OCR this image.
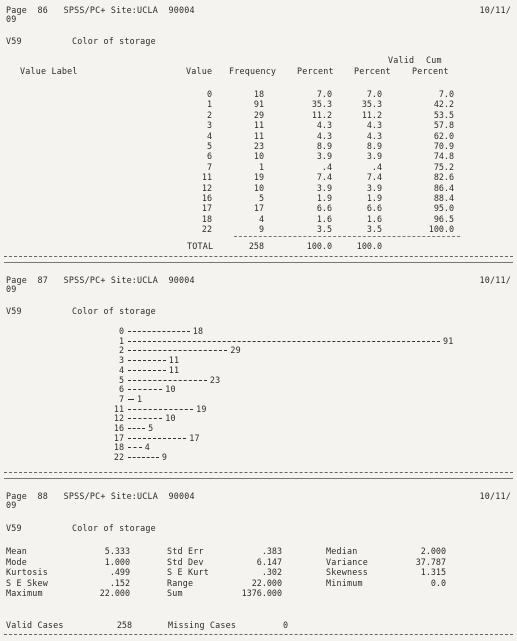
Page  86   SPSS/PC+ Site:UCLA  90004
09
10/11/
V59	Color of storage
Valid Cum
Value Label	Value Frequency Percent Percent	Percent
0	18	7.0	7.0	7.0
1	91	35.3	35.3	42.2
2	29	11.2	11.2	53.5
3	11	4.3	4.3	57.8
4	11	4.3	4.3	62.0
5	23	8.9	8.9	70.9
6	10	3.9	3.9	74.8
7	1	.4	.4	75.2
11	19	7.4	7.4	82.6
12	10	3.9	3.9	86.4
16	5	1.9	1.9	88.4
17	17	6.6	6.6	95.0
18	4	1.6	1.6	96.5
22	9	3.5	3.5	100.0
TOTAL	258	100.0	100.0
Page  87   SPSS/PC+ Site:UCLA  90004
09
10/11/
V59	Color of storage
0	18
1	91
2	29
3	11
4	11
5	23
6	10
7 1
11	19
12	10
16	5
17	17
18 4
22	9
Page  88   SPSS/PC+ Site:UCLA  90004
09
10/11/
V59	Color of storage
Mean	5.333	Std Err	.383	Median	2.000
Mode	1.000	Std Dev	6.147	Variance	37.787
Kurtosis	.499	S E Kurt	.302	Skewness	1.315
S E Skew	.152	Range	22.000	Minimum	0.0
Maximum	22.000	Sum	1376.000
Valid Cases	258	Missing Cases	0
